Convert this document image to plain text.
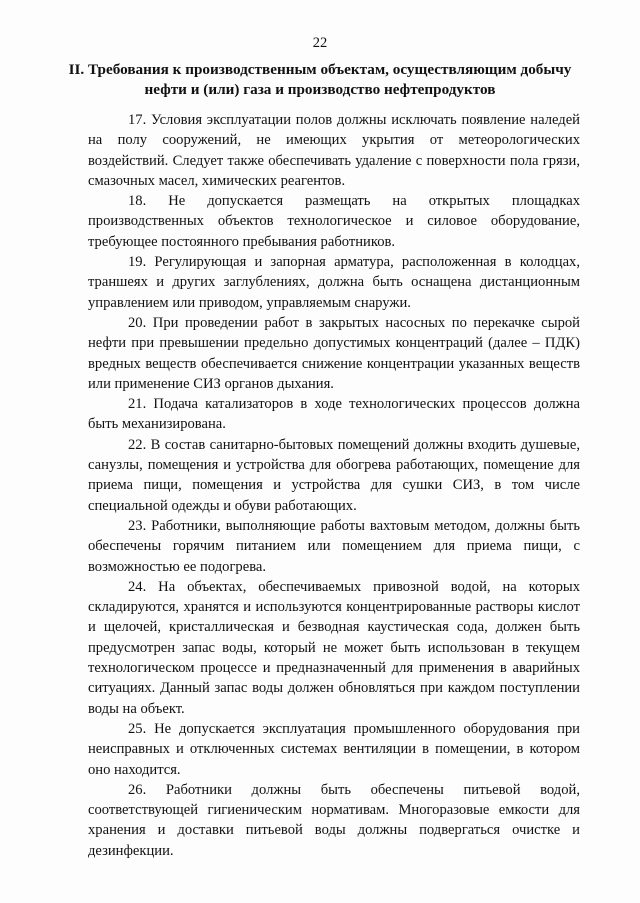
22
II. Требования к производственным объектам, осуществляющим добычу
нефти и (или) газа и производство нефтепродуктов

17. Условия эксплуатации полов должны исключать появление наледей на полу сооружений, не имеющих укрытия от метеорологических воздействий. Следует также обеспечивать удаление с поверхности пола грязи, смазочных масел, химических реагентов.

18. Не допускается размещать на открытых площадках производственных объектов технологическое и силовое оборудование, требующее постоянного пребывания работников.

19. Регулирующая и запорная арматура, расположенная в колодцах, траншеях и других заглублениях, должна быть оснащена дистанционным управлением или приводом, управляемым снаружи.

20. При проведении работ в закрытых насосных по перекачке сырой нефти при превышении предельно допустимых концентраций (далее – ПДК) вредных веществ обеспечивается снижение концентрации указанных веществ или применение СИЗ органов дыхания.

21. Подача катализаторов в ходе технологических процессов должна быть механизирована.

22. В состав санитарно-бытовых помещений должны входить душевые, санузлы, помещения и устройства для обогрева работающих, помещение для приема пищи, помещения и устройства для сушки СИЗ, в том числе специальной одежды и обуви работающих.

23. Работники, выполняющие работы вахтовым методом, должны быть обеспечены горячим питанием или помещением для приема пищи, с возможностью ее подогрева.

24. На объектах, обеспечиваемых привозной водой, на которых складируются, хранятся и используются концентрированные растворы кислот и щелочей, кристаллическая и безводная каустическая сода, должен быть предусмотрен запас воды, который не может быть использован в текущем технологическом процессе и предназначенный для применения в аварийных ситуациях. Данный запас воды должен обновляться при каждом поступлении воды на объект.

25. Не допускается эксплуатация промышленного оборудования при неисправных и отключенных системах вентиляции в помещении, в котором оно находится.

26. Работники должны быть обеспечены питьевой водой, соответствующей гигиеническим нормативам. Многоразовые емкости для хранения и доставки питьевой воды должны подвергаться очистке и дезинфекции.
